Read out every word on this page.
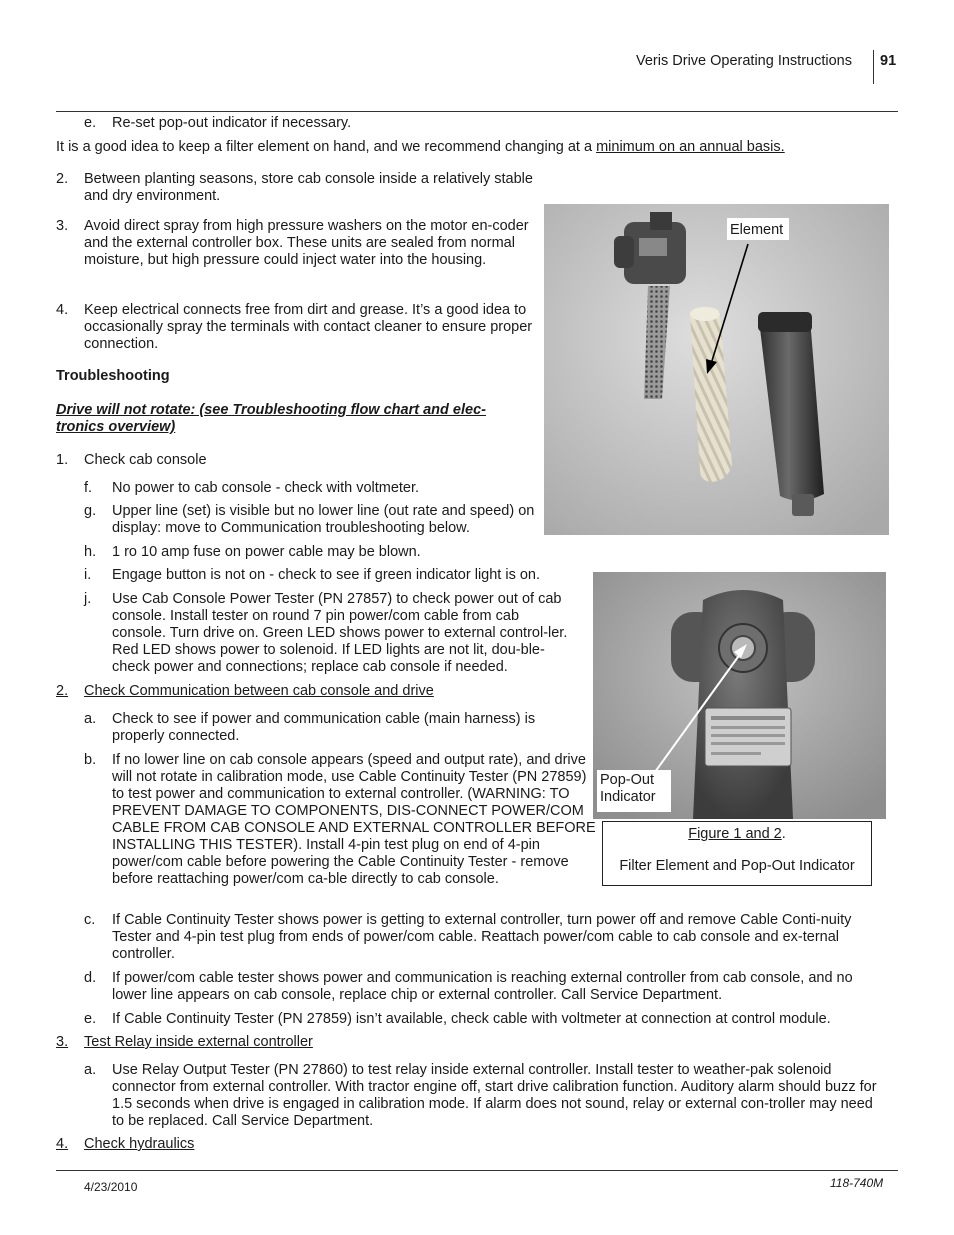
Veris Drive Operating Instructions 91
e.	Re-set pop-out indicator if necessary.
It is a good idea to keep a filter element on hand, and we recommend changing at a minimum on an annual basis.
2.	Between planting seasons, store cab console inside a relatively stable and dry environment.
3.	Avoid direct spray from high pressure washers on the motor en-coder and the external controller box. These units are sealed from normal moisture, but high pressure could inject water into the housing.
4.	Keep electrical connects free from dirt and grease. It’s a good idea to occasionally spray the terminals with contact cleaner to ensure proper connection.
Troubleshooting
Drive will not rotate: (see Troubleshooting flow chart and elec-tronics overview)
1.	Check cab console
f.	No power to cab console - check with voltmeter.
g.	Upper line (set) is visible but no lower line (out rate and speed) on display: move to Communication troubleshooting below.
h.	1 ro 10 amp fuse on power cable may be blown.
i.	Engage button is not on - check to see if green indicator light is on.
j.	Use Cab Console Power Tester (PN 27857) to check power out of cab console. Install tester on round 7 pin power/com cable from cab console. Turn drive on. Green LED shows power to external control-ler. Red LED shows power to solenoid. If LED lights are not lit, dou-ble-check power and connections; replace cab console if needed.
2.	Check Communication between cab console and drive
a.	Check to see if power and communication cable (main harness) is properly connected.
b.	If no lower line on cab console appears (speed and output rate), and drive will not rotate in calibration mode, use Cable Continuity Tester (PN 27859) to test power and communication to external controller. (WARNING: TO PREVENT DAMAGE TO COMPONENTS, DIS-CONNECT POWER/COM CABLE FROM CAB CONSOLE AND EXTERNAL CONTROLLER BEFORE INSTALLING THIS TESTER). Install 4-pin test plug on end of 4-pin power/com cable before powering the Cable Continuity Tester - remove before reattaching power/com ca-ble directly to cab console.
c.	If Cable Continuity Tester shows power is getting to external controller, turn power off and remove Cable Conti-nuity Tester and 4-pin test plug from ends of power/com cable. Reattach power/com cable to cab console and ex-ternal controller.
d.	If power/com cable tester shows power and communication is reaching external controller from cab console, and no lower line appears on cab console, replace chip or external controller. Call Service Department.
e.	If Cable Continuity Tester (PN 27859) isn’t available, check cable with voltmeter at connection at control module.
3.	Test Relay inside external controller
a.	Use Relay Output Tester (PN 27860) to test relay inside external controller. Install tester to weather-pak solenoid connector from external controller. With tractor engine off, start drive calibration function. Auditory alarm should buzz for 1.5 seconds when drive is engaged in calibration mode. If alarm does not sound, relay or external con-troller may need to be replaced. Call Service Department.
4.	Check hydraulics
4/23/2010	118-740M
Element
Pop-Out Indicator
Figure 1 and 2.
Filter Element and Pop-Out Indicator
